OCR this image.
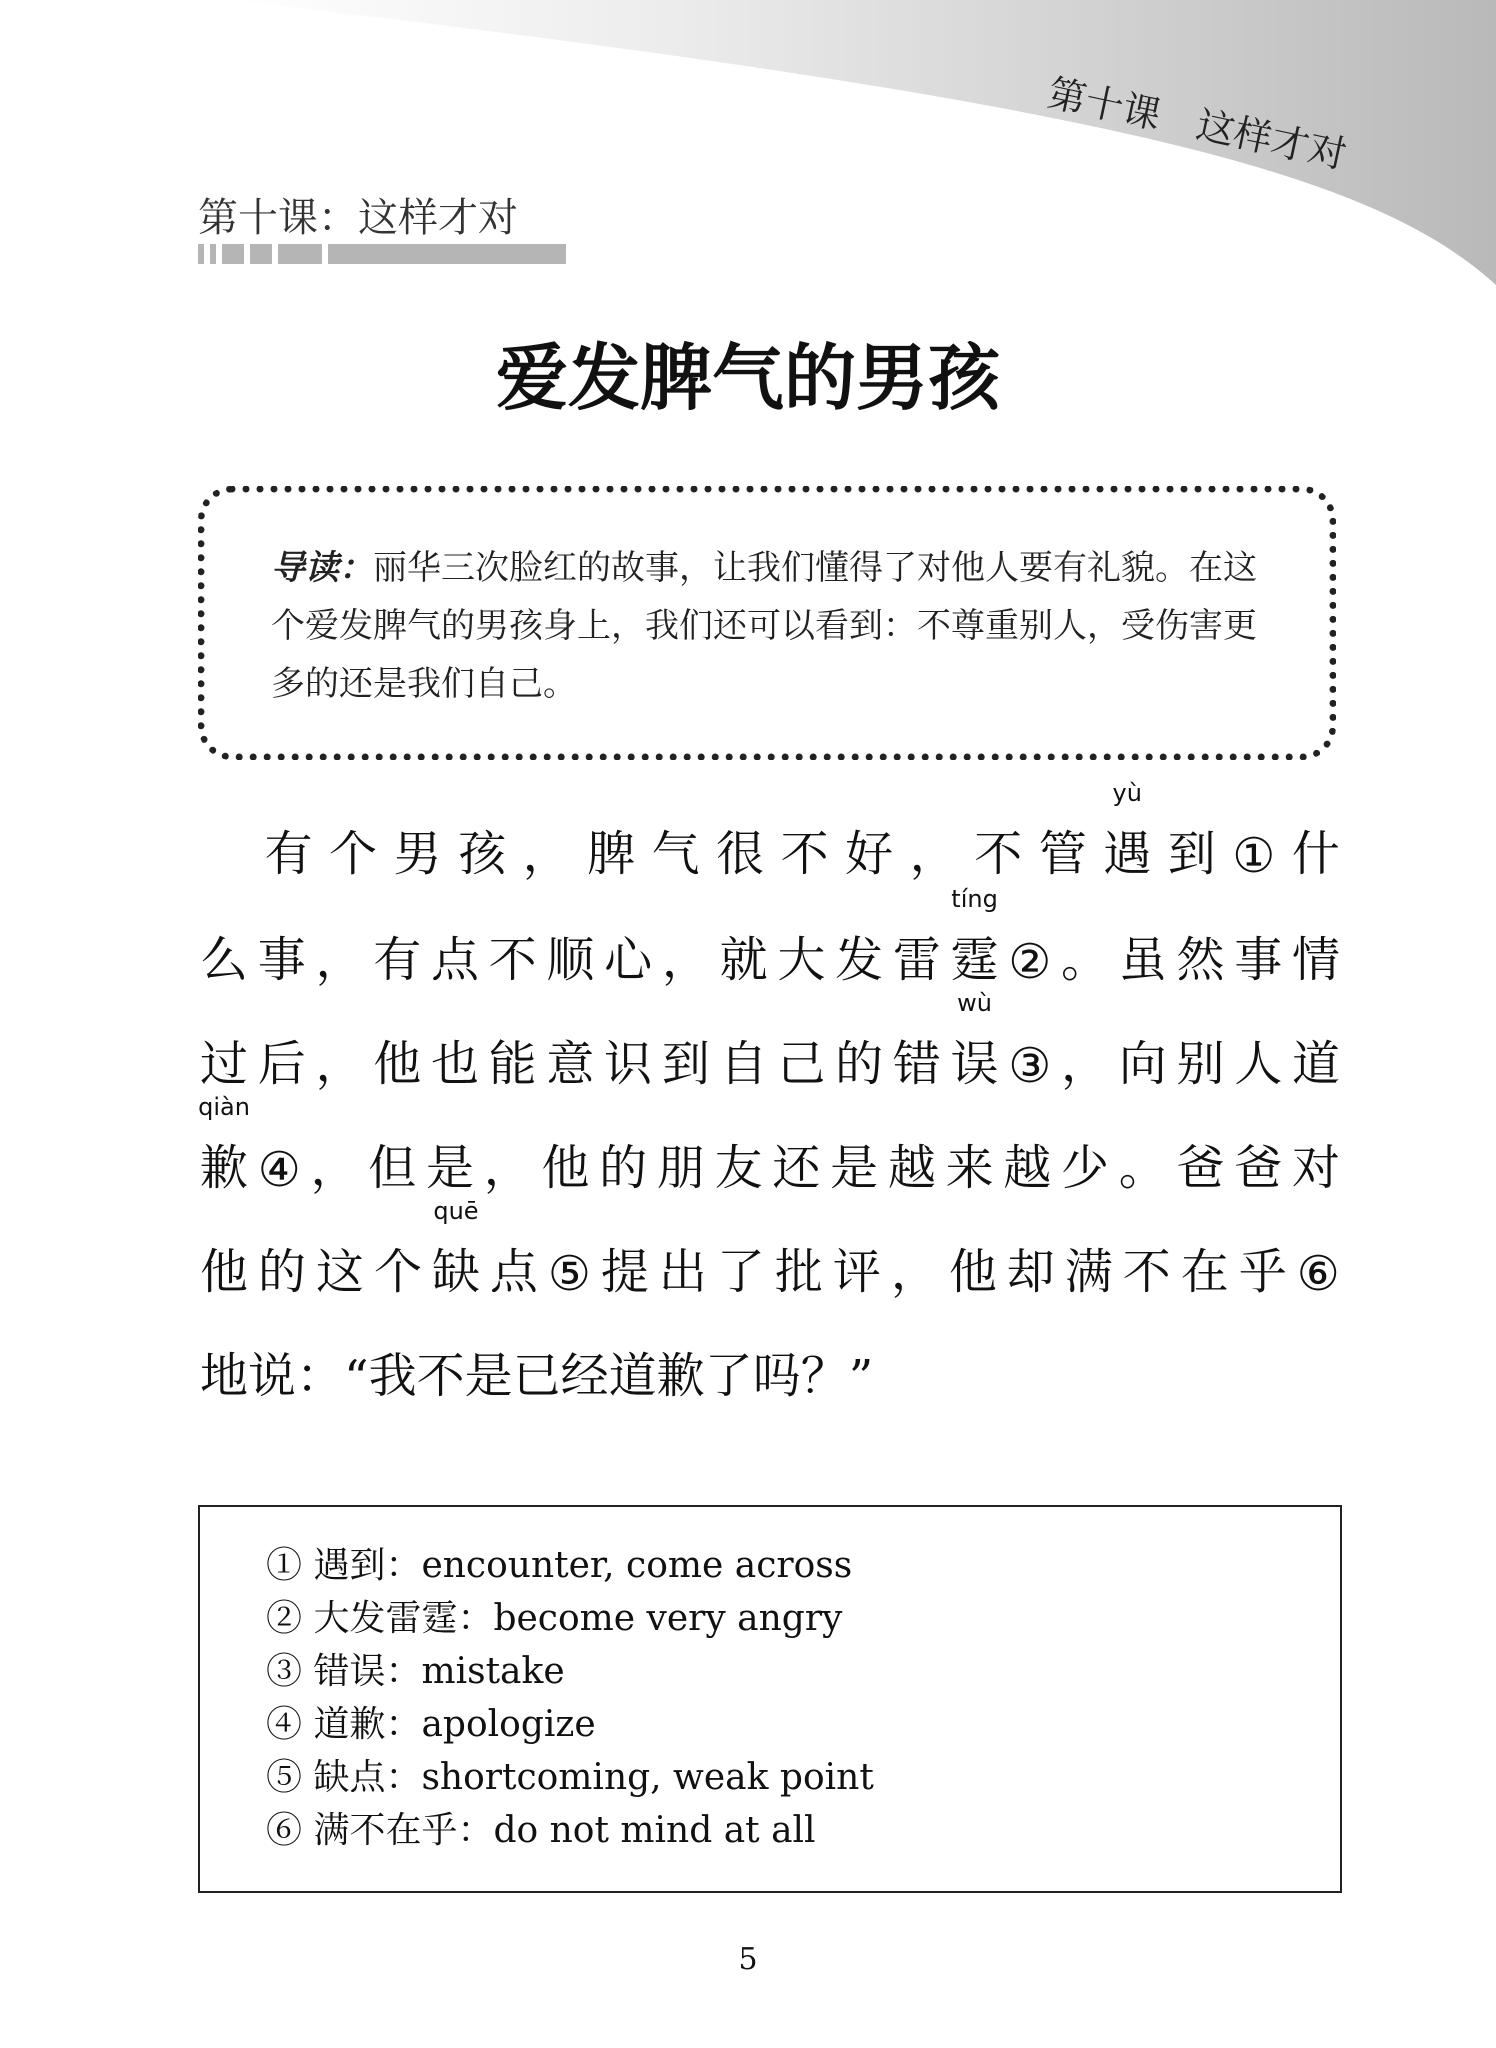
第十课　这样才对
第十课：这样才对
爱发脾气的男孩
导读：丽华三次脸红的故事，让我们懂得了对他人要有礼貌。在这个爱发脾气的男孩身上，我们还可以看到：不尊重别人，受伤害更多的还是我们自己。

有 个 男 孩 ， 脾 气 很 不 好 ， 不 管
yù
遇 到 ① 什
么 事 ， 有 点 不 顺 心 ， 就 大 发 雷
tíng
霆 ② 。 虽 然 事 情
过 后 ， 他 也 能 意 识 到 自 己 的 错
wù
误 ③ ， 向 别 人 道
qiàn
歉 ④ ， 但 是 ， 他 的 朋 友 还 是 越 来 越 少 。 爸 爸 对
他 的 这 个
quē
缺 点 ⑤ 提 出 了 批 评 ， 他 却 满 不 在 乎 ⑥
地 说 ： “ 我 不 是 已 经 道 歉 了 吗 ？ ”
① 遇到：encounter, come across
② 大发雷霆：become very angry
③ 错误：mistake
④ 道歉：apologize
⑤ 缺点：shortcoming, weak point
⑥ 满不在乎：do not mind at all
5
